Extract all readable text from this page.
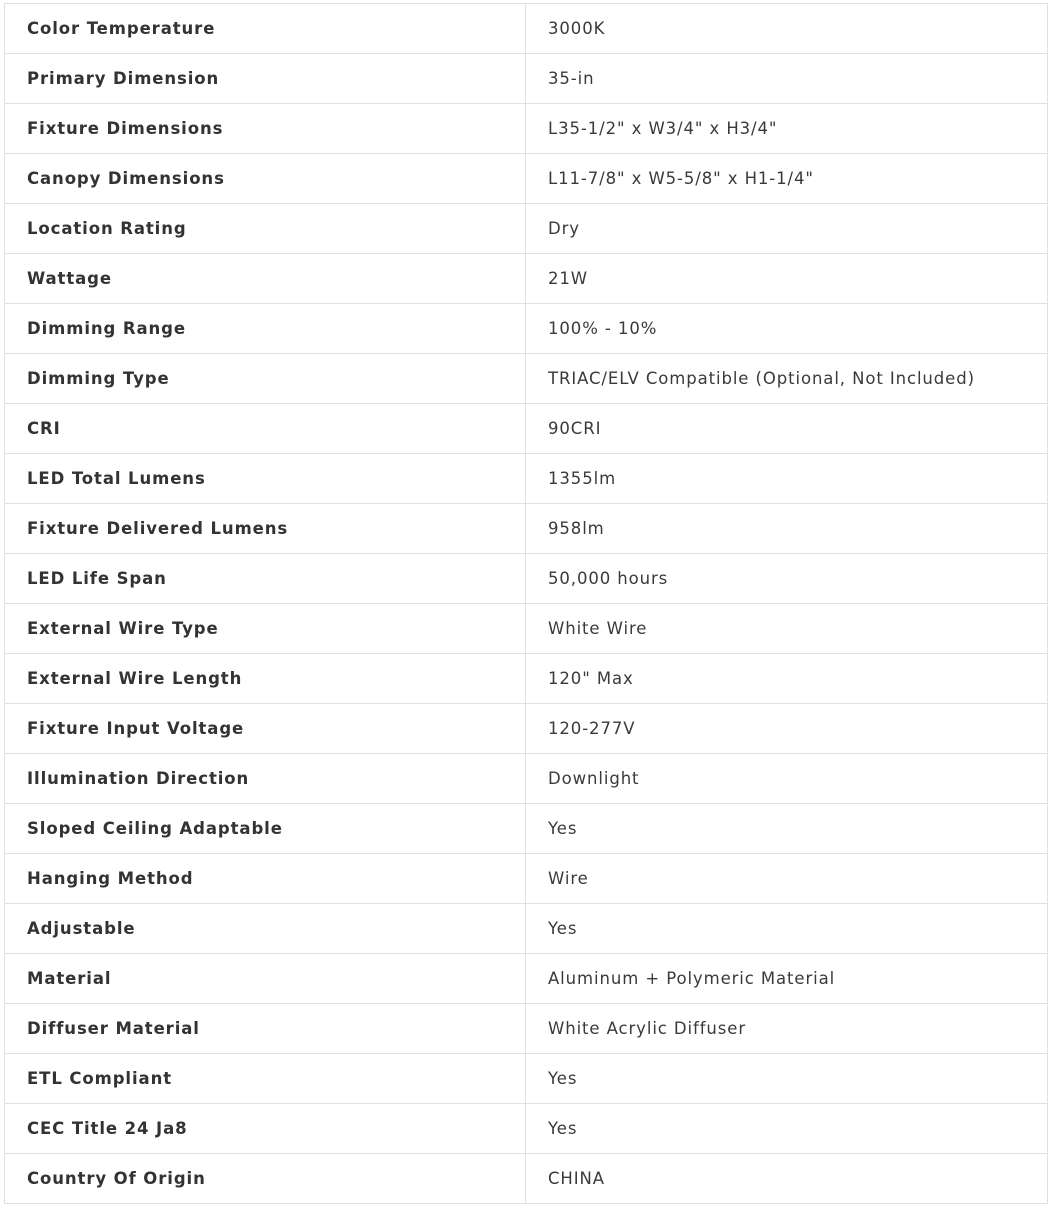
Color Temperature	3000K
Primary Dimension	35-in
Fixture Dimensions	L35-1/2" x W3/4" x H3/4"
Canopy Dimensions	L11-7/8" x W5-5/8" x H1-1/4"
Location Rating	Dry
Wattage	21W
Dimming Range	100% - 10%
Dimming Type	TRIAC/ELV Compatible (Optional, Not Included)
CRI	90CRI
LED Total Lumens	1355lm
Fixture Delivered Lumens	958lm
LED Life Span	50,000 hours
External Wire Type	White Wire
External Wire Length	120" Max
Fixture Input Voltage	120-277V
Illumination Direction	Downlight
Sloped Ceiling Adaptable	Yes
Hanging Method	Wire
Adjustable	Yes
Material	Aluminum + Polymeric Material
Diffuser Material	White Acrylic Diffuser
ETL Compliant	Yes
CEC Title 24 Ja8	Yes
Country Of Origin	CHINA
